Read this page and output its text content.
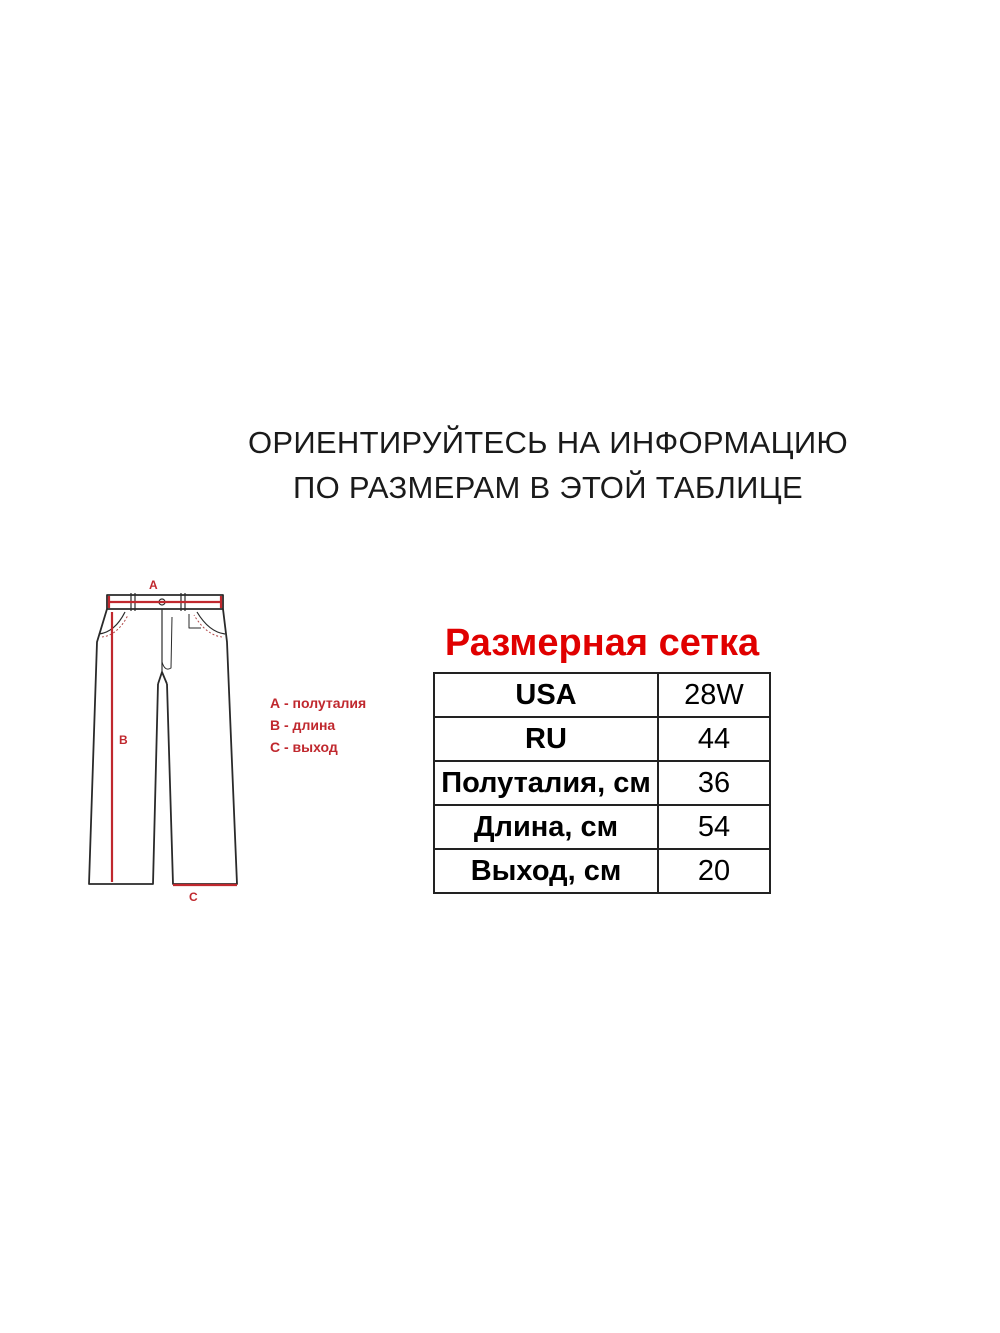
ОРИЕНТИРУЙТЕСЬ НА ИНФОРМАЦИЮ
ПО РАЗМЕРАМ В ЭТОЙ ТАБЛИЦЕ
A
B
C
А - полуталия
В - длина
С - выход
Размерная сетка
USA	28W
RU	44
Полуталия, см	36
Длина, см	54
Выход, см	20
